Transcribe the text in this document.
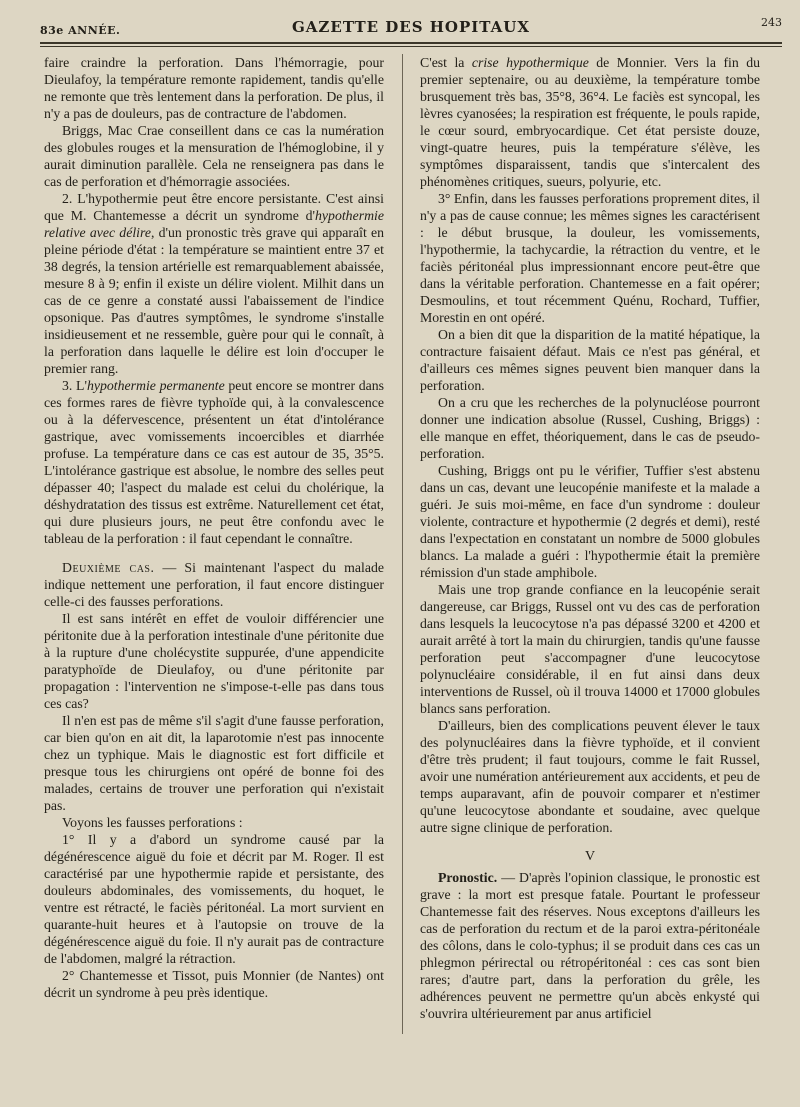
83e ANNÉE.	GAZETTE DES HOPITAUX	243

faire craindre la perforation. Dans l'hémorragie, pour Dieulafoy, la température remonte rapidement, tandis qu'elle ne remonte que très lentement dans la perforation. De plus, il n'y a pas de douleurs, pas de contracture de l'abdomen.

Briggs, Mac Crae conseillent dans ce cas la numération des globules rouges et la mensuration de l'hémoglobine, il y aurait diminution parallèle. Cela ne renseignera pas dans le cas de perforation et d'hémorragie associées.

2. L'hypothermie peut être encore persistante. C'est ainsi que M. Chantemesse a décrit un syndrome d'hypothermie relative avec délire, d'un pronostic très grave qui apparaît en pleine période d'état : la température se maintient entre 37 et 38 degrés, la tension artérielle est remarquablement abaissée, mesure 8 à 9; enfin il existe un délire violent. Milhit dans un cas de ce genre a constaté aussi l'abaissement de l'indice opsonique. Pas d'autres symptômes, le syndrome s'installe insidieusement et ne ressemble, guère pour qui le connaît, à la perforation dans laquelle le délire est loin d'occuper le premier rang.

3. L'hypothermie permanente peut encore se montrer dans ces formes rares de fièvre typhoïde qui, à la convalescence ou à la défervescence, présentent un état d'intolérance gastrique, avec vomissements incoercibles et diarrhée profuse. La température dans ce cas est autour de 35, 35°5. L'intolérance gastrique est absolue, le nombre des selles peut dépasser 40; l'aspect du malade est celui du cholérique, la déshydratation des tissus est extrême. Naturellement cet état, qui dure plusieurs jours, ne peut être confondu avec le tableau de la perforation : il faut cependant le connaître.

Deuxième cas. — Si maintenant l'aspect du malade indique nettement une perforation, il faut encore distinguer celle-ci des fausses perforations.

Il est sans intérêt en effet de vouloir différencier une péritonite due à la perforation intestinale d'une péritonite due à la rupture d'une cholécystite suppurée, d'une appendicite paratyphoïde de Dieulafoy, ou d'une péritonite par propagation : l'intervention ne s'impose-t-elle pas dans tous ces cas?

Il n'en est pas de même s'il s'agit d'une fausse perforation, car bien qu'on en ait dit, la laparotomie n'est pas innocente chez un typhique. Mais le diagnostic est fort difficile et presque tous les chirurgiens ont opéré de bonne foi des malades, certains de trouver une perforation qui n'existait pas.

Voyons les fausses perforations :

1° Il y a d'abord un syndrome causé par la dégénérescence aiguë du foie et décrit par M. Roger. Il est caractérisé par une hypothermie rapide et persistante, des douleurs abdominales, des vomissements, du hoquet, le ventre est rétracté, le faciès péritonéal. La mort survient en quarante-huit heures et à l'autopsie on trouve de la dégénérescence aiguë du foie. Il n'y aurait pas de contracture de l'abdomen, malgré la rétraction.

2° Chantemesse et Tissot, puis Monnier (de Nantes) ont décrit un syndrome à peu près identique.

C'est la crise hypothermique de Monnier. Vers la fin du premier septenaire, ou au deuxième, la température tombe brusquement très bas, 35°8, 36°4. Le faciès est syncopal, les lèvres cyanosées; la respiration est fréquente, le pouls rapide, le cœur sourd, embryocardique. Cet état persiste douze, vingt-quatre heures, puis la température s'élève, les symptômes disparaissent, tandis que s'intercalent des phénomènes critiques, sueurs, polyurie, etc.

3° Enfin, dans les fausses perforations proprement dites, il n'y a pas de cause connue; les mêmes signes les caractérisent : le début brusque, la douleur, les vomissements, l'hypothermie, la tachycardie, la rétraction du ventre, et le faciès péritonéal plus impressionnant encore peut-être que dans la véritable perforation. Chantemesse en a fait opérer; Desmoulins, et tout récemment Quénu, Rochard, Tuffier, Morestin en ont opéré.

On a bien dit que la disparition de la matité hépatique, la contracture faisaient défaut. Mais ce n'est pas général, et d'ailleurs ces mêmes signes peuvent bien manquer dans la perforation.

On a cru que les recherches de la polynucléose pourront donner une indication absolue (Russel, Cushing, Briggs) : elle manque en effet, théoriquement, dans le cas de pseudo-perforation.

Cushing, Briggs ont pu le vérifier, Tuffier s'est abstenu dans un cas, devant une leucopénie manifeste et la malade a guéri. Je suis moi-même, en face d'un syndrome : douleur violente, contracture et hypothermie (2 degrés et demi), resté dans l'expectation en constatant un nombre de 5000 globules blancs. La malade a guéri : l'hypothermie était la première rémission d'un stade amphibole.

Mais une trop grande confiance en la leucopénie serait dangereuse, car Briggs, Russel ont vu des cas de perforation dans lesquels la leucocytose n'a pas dépassé 3200 et 4200 et aurait arrêté à tort la main du chirurgien, tandis qu'une fausse perforation peut s'accompagner d'une leucocytose polynucléaire considérable, il en fut ainsi dans deux interventions de Russel, où il trouva 14000 et 17000 globules blancs sans perforation.

D'ailleurs, bien des complications peuvent élever le taux des polynucléaires dans la fièvre typhoïde, et il convient d'être très prudent; il faut toujours, comme le fait Russel, avoir une numération antérieurement aux accidents, et peu de temps auparavant, afin de pouvoir comparer et n'estimer qu'une leucocytose abondante et soudaine, avec quelque autre signe clinique de perforation.

V

Pronostic. — D'après l'opinion classique, le pronostic est grave : la mort est presque fatale. Pourtant le professeur Chantemesse fait des réserves. Nous exceptons d'ailleurs les cas de perforation du rectum et de la paroi extra-péritonéale des côlons, dans le colo-typhus; il se produit dans ces cas un phlegmon périrectal ou rétropéritonéal : ces cas sont bien rares; d'autre part, dans la perforation du grêle, les adhérences peuvent ne permettre qu'un abcès enkysté qui s'ouvrira ultérieurement par anus artificiel
